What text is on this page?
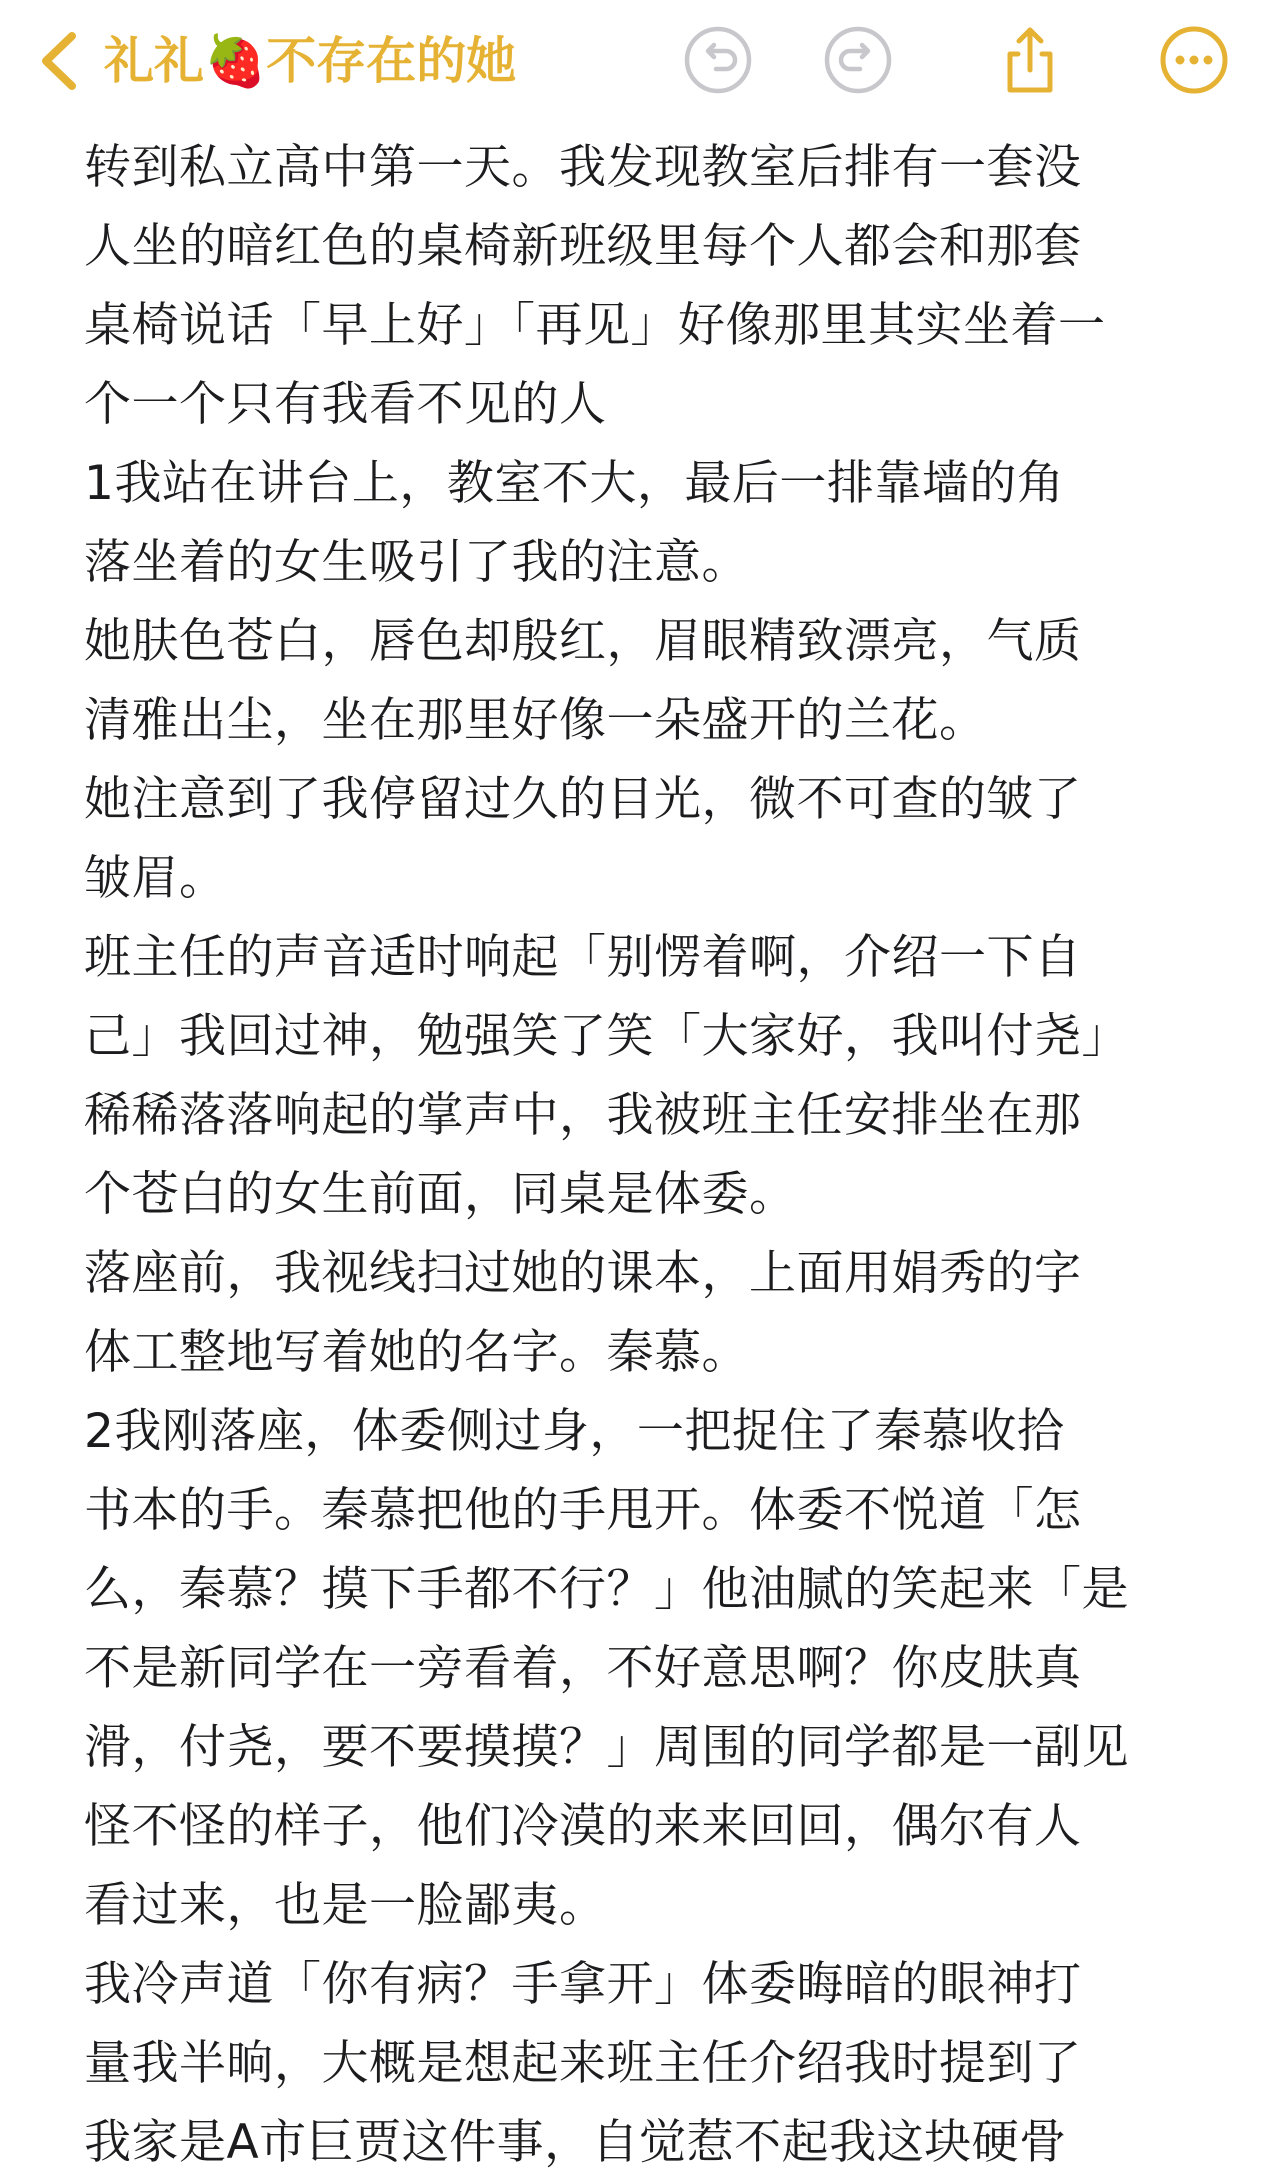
礼礼🍓不存在的她
转到私立高中第一天。我发现教室后排有一套没
人坐的暗红色的桌椅新班级里每个人都会和那套
桌椅说话「早上好」「再见」好像那里其实坐着一
个一个只有我看不见的人
1我站在讲台上，教室不大，最后一排靠墙的角
落坐着的女生吸引了我的注意。
她肤色苍白，唇色却殷红，眉眼精致漂亮，气质
清雅出尘，坐在那里好像一朵盛开的兰花。
她注意到了我停留过久的目光，微不可查的皱了
皱眉。
班主任的声音适时响起「别愣着啊，介绍一下自
己」我回过神，勉强笑了笑「大家好，我叫付尧」
稀稀落落响起的掌声中，我被班主任安排坐在那
个苍白的女生前面，同桌是体委。
落座前，我视线扫过她的课本，上面用娟秀的字
体工整地写着她的名字。秦慕。
2我刚落座，体委侧过身，一把捉住了秦慕收拾
书本的手。秦慕把他的手甩开。体委不悦道「怎
么，秦慕？摸下手都不行？」他油腻的笑起来「是
不是新同学在一旁看着，不好意思啊？你皮肤真
滑，付尧，要不要摸摸？」周围的同学都是一副见
怪不怪的样子，他们冷漠的来来回回，偶尔有人
看过来，也是一脸鄙夷。
我冷声道「你有病？手拿开」体委晦暗的眼神打
量我半晌，大概是想起来班主任介绍我时提到了
我家是A市巨贾这件事，自觉惹不起我这块硬骨
